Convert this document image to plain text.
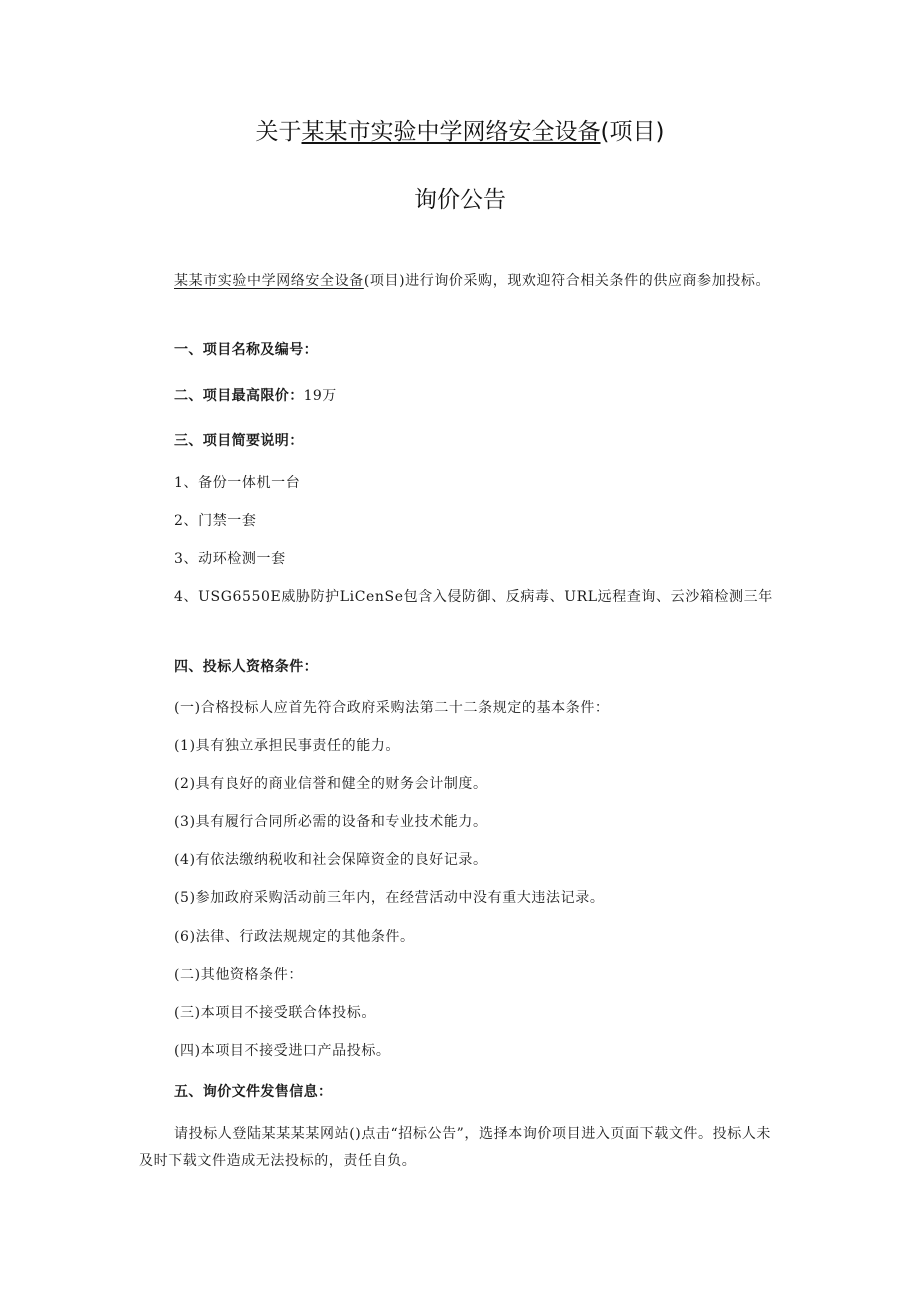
关于某某市实验中学网络安全设备(项目)
询价公告

某某市实验中学网络安全设备(项目)进行询价采购，现欢迎符合相关条件的供应商参加投标。

一、项目名称及编号：
二、项目最高限价：19万
三、项目简要说明：
1、备份一体机一台
2、门禁一套
3、动环检测一套

4、USG6550E威胁防护LiCenSe包含入侵防御、反病毒、URL远程查询、云沙箱检测三年

四、投标人资格条件：
(一)合格投标人应首先符合政府采购法第二十二条规定的基本条件：
(1)具有独立承担民事责任的能力。
(2)具有良好的商业信誉和健全的财务会计制度。
(3)具有履行合同所必需的设备和专业技术能力。
(4)有依法缴纳税收和社会保障资金的良好记录。
(5)参加政府采购活动前三年内，在经营活动中没有重大违法记录。
(6)法律、行政法规规定的其他条件。
(二)其他资格条件：
(三)本项目不接受联合体投标。
(四)本项目不接受进口产品投标。
五、询价文件发售信息：

请投标人登陆某某某某网站()点击“招标公告”，选择本询价项目进入页面下载文件。投标人未及时下载文件造成无法投标的，责任自负。
